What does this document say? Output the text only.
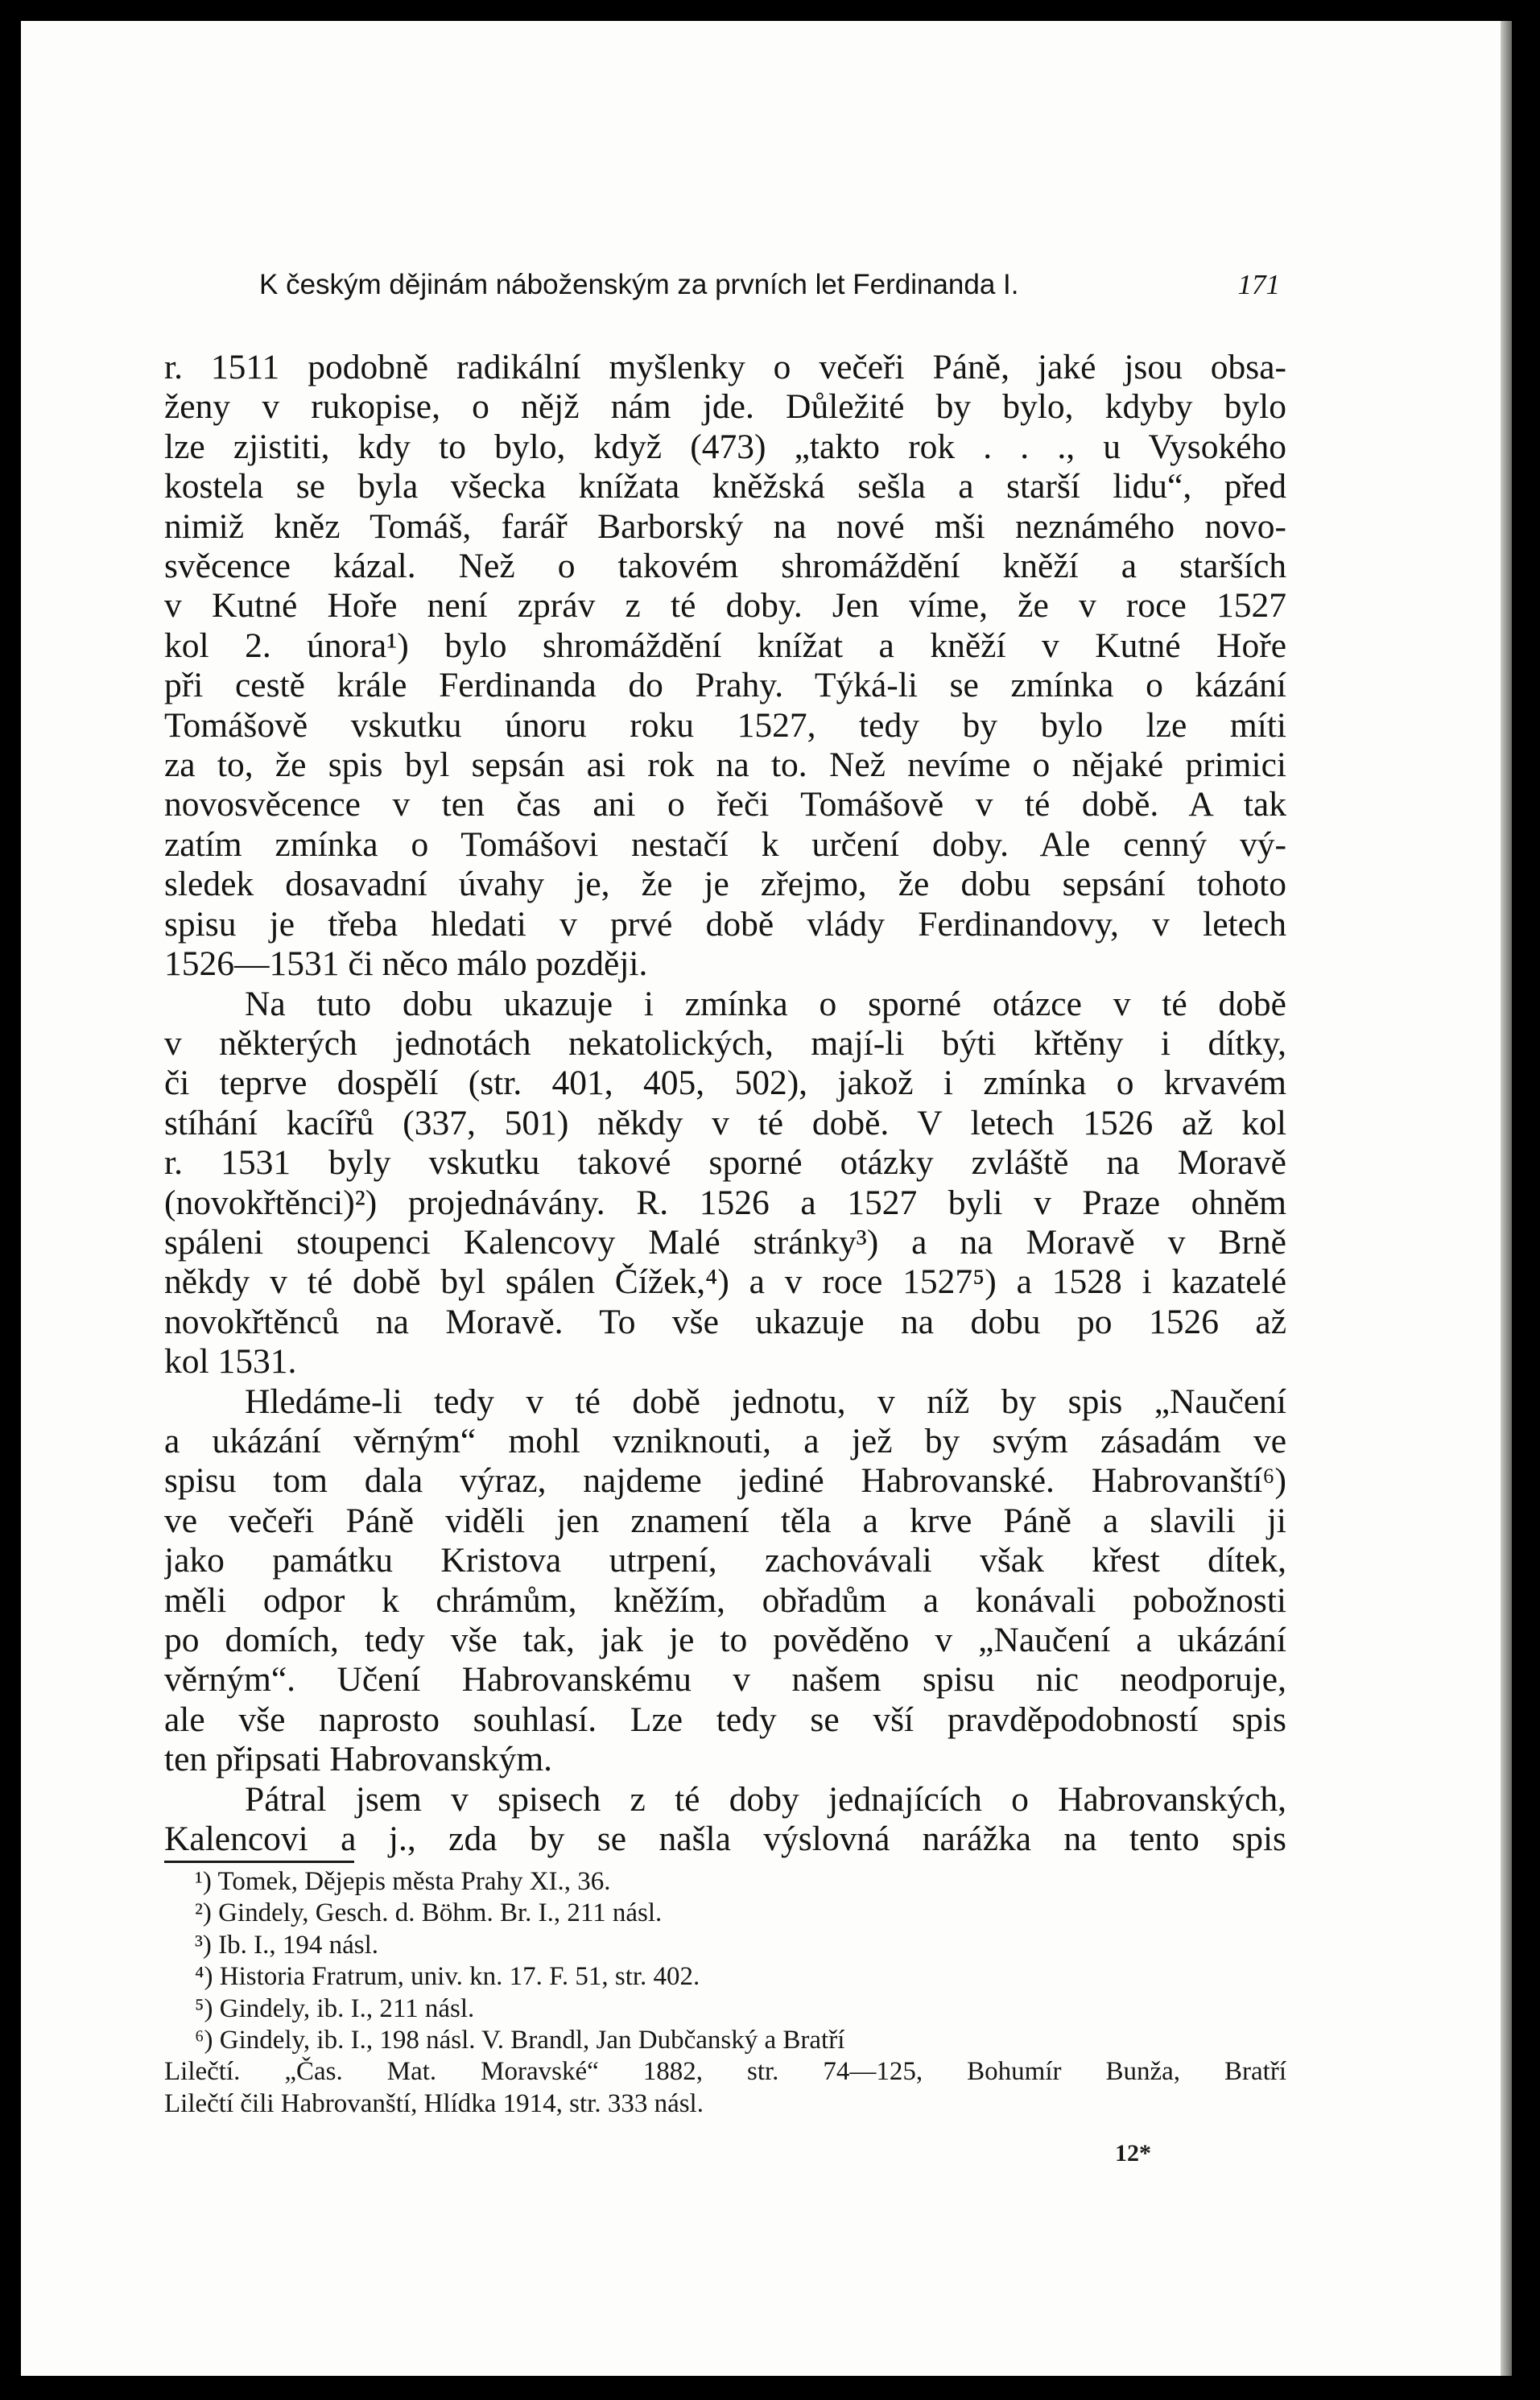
K českým dějinám náboženským za prvních let Ferdinanda I.	171
r. 1511 podobně radikální myšlenky o večeři Páně, jaké jsou obsa-
ženy v rukopise, o nějž nám jde. Důležité by bylo, kdyby bylo
lze zjistiti, kdy to bylo, když (473) „takto rok . . ., u Vysokého
kostela se byla všecka knížata kněžská sešla a starší lidu“, před
nimiž kněz Tomáš, farář Barborský na nové mši neznámého novo-
svěcence kázal. Než o takovém shromáždění kněží a starších
v Kutné Hoře není zpráv z té doby. Jen víme, že v roce 1527
kol 2. února¹) bylo shromáždění knížat a kněží v Kutné Hoře
při cestě krále Ferdinanda do Prahy. Týká-li se zmínka o kázání
Tomášově vskutku únoru roku 1527, tedy by bylo lze míti
za to, že spis byl sepsán asi rok na to. Než nevíme o nějaké primici
novosvěcence v ten čas ani o řeči Tomášově v té době. A tak
zatím zmínka o Tomášovi nestačí k určení doby. Ale cenný vý-
sledek dosavadní úvahy je, že je zřejmo, že dobu sepsání tohoto
spisu je třeba hledati v prvé době vlády Ferdinandovy, v letech
1526—1531 či něco málo později.
Na tuto dobu ukazuje i zmínka o sporné otázce v té době
v některých jednotách nekatolických, mají-li býti křtěny i dítky,
či teprve dospělí (str. 401, 405, 502), jakož i zmínka o krvavém
stíhání kacířů (337, 501) někdy v té době. V letech 1526 až kol
r. 1531 byly vskutku takové sporné otázky zvláště na Moravě
(novokřtěnci)²) projednávány. R. 1526 a 1527 byli v Praze ohněm
spáleni stoupenci Kalencovy Malé stránky³) a na Moravě v Brně
někdy v té době byl spálen Čížek,⁴) a v roce 1527⁵) a 1528 i kazatelé
novokřtěnců na Moravě. To vše ukazuje na dobu po 1526 až
kol 1531.
Hledáme-li tedy v té době jednotu, v níž by spis „Naučení
a ukázání věrným“ mohl vzniknouti, a jež by svým zásadám ve
spisu tom dala výraz, najdeme jediné Habrovanské. Habrovanští⁶)
ve večeři Páně viděli jen znamení těla a krve Páně a slavili ji
jako památku Kristova utrpení, zachovávali však křest dítek,
měli odpor k chrámům, kněžím, obřadům a konávali pobožnosti
po domích, tedy vše tak, jak je to pověděno v „Naučení a ukázání
věrným“. Učení Habrovanskému v našem spisu nic neodporuje,
ale vše naprosto souhlasí. Lze tedy se vší pravděpodobností spis
ten připsati Habrovanským.
Pátral jsem v spisech z té doby jednajících o Habrovanských,
Kalencovi a j., zda by se našla výslovná narážka na tento spis
¹) Tomek, Dějepis města Prahy XI., 36.
²) Gindely, Gesch. d. Böhm. Br. I., 211 násl.
³) Ib. I., 194 násl.
⁴) Historia Fratrum, univ. kn. 17. F. 51, str. 402.
⁵) Gindely, ib. I., 211 násl.
⁶) Gindely, ib. I., 198 násl. V. Brandl, Jan Dubčanský a Bratří
Lilečtí. „Čas. Mat. Moravské“ 1882, str. 74—125, Bohumír Bunža, Bratří
Lilečtí čili Habrovanští, Hlídka 1914, str. 333 násl.
12*
